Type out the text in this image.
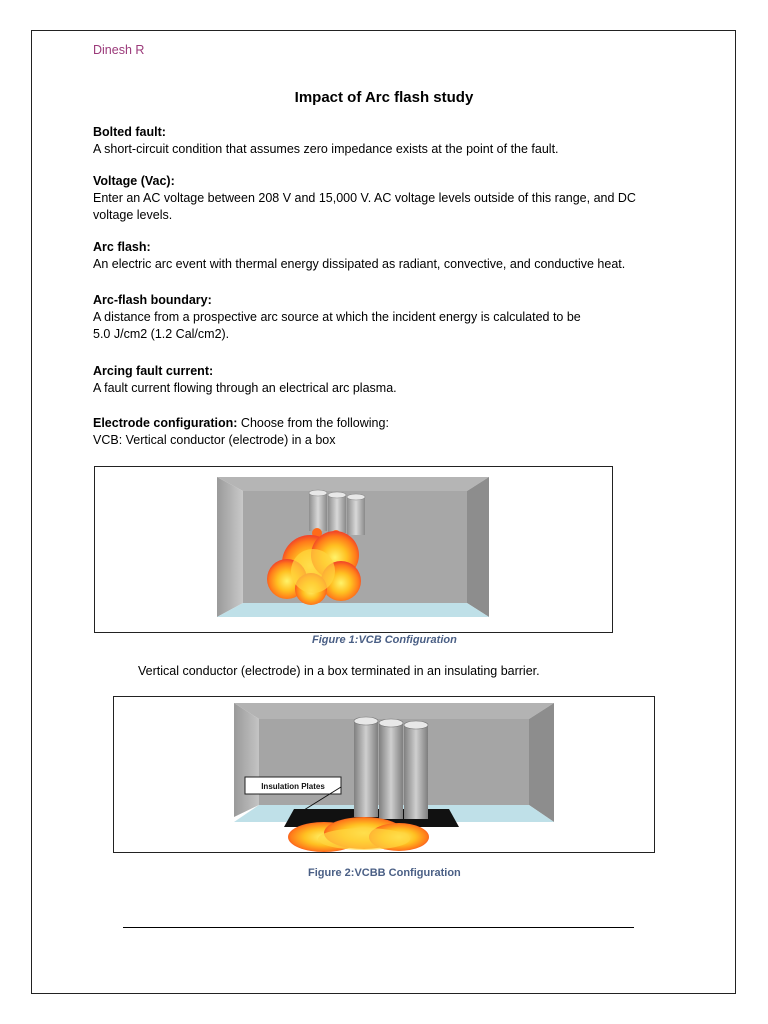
Dinesh R
Impact of Arc flash study
Bolted fault:
A short-circuit condition that assumes zero impedance exists at the point of the fault.
Voltage (Vac):
Enter an AC voltage between 208 V and 15,000 V. AC voltage levels outside of this range, and DC voltage levels.
Arc flash:
An electric arc event with thermal energy dissipated as radiant, convective, and conductive heat.
Arc-flash boundary:
A distance from a prospective arc source at which the incident energy is calculated to be
5.0 J/cm2 (1.2 Cal/cm2).
Arcing fault current:
A fault current flowing through an electrical arc plasma.
Electrode configuration: Choose from the following:
VCB: Vertical conductor (electrode) in a box
Figure 1:VCB Configuration
Vertical conductor (electrode) in a box terminated in an insulating barrier.
Insulation Plates
Figure 2:VCBB Configuration
